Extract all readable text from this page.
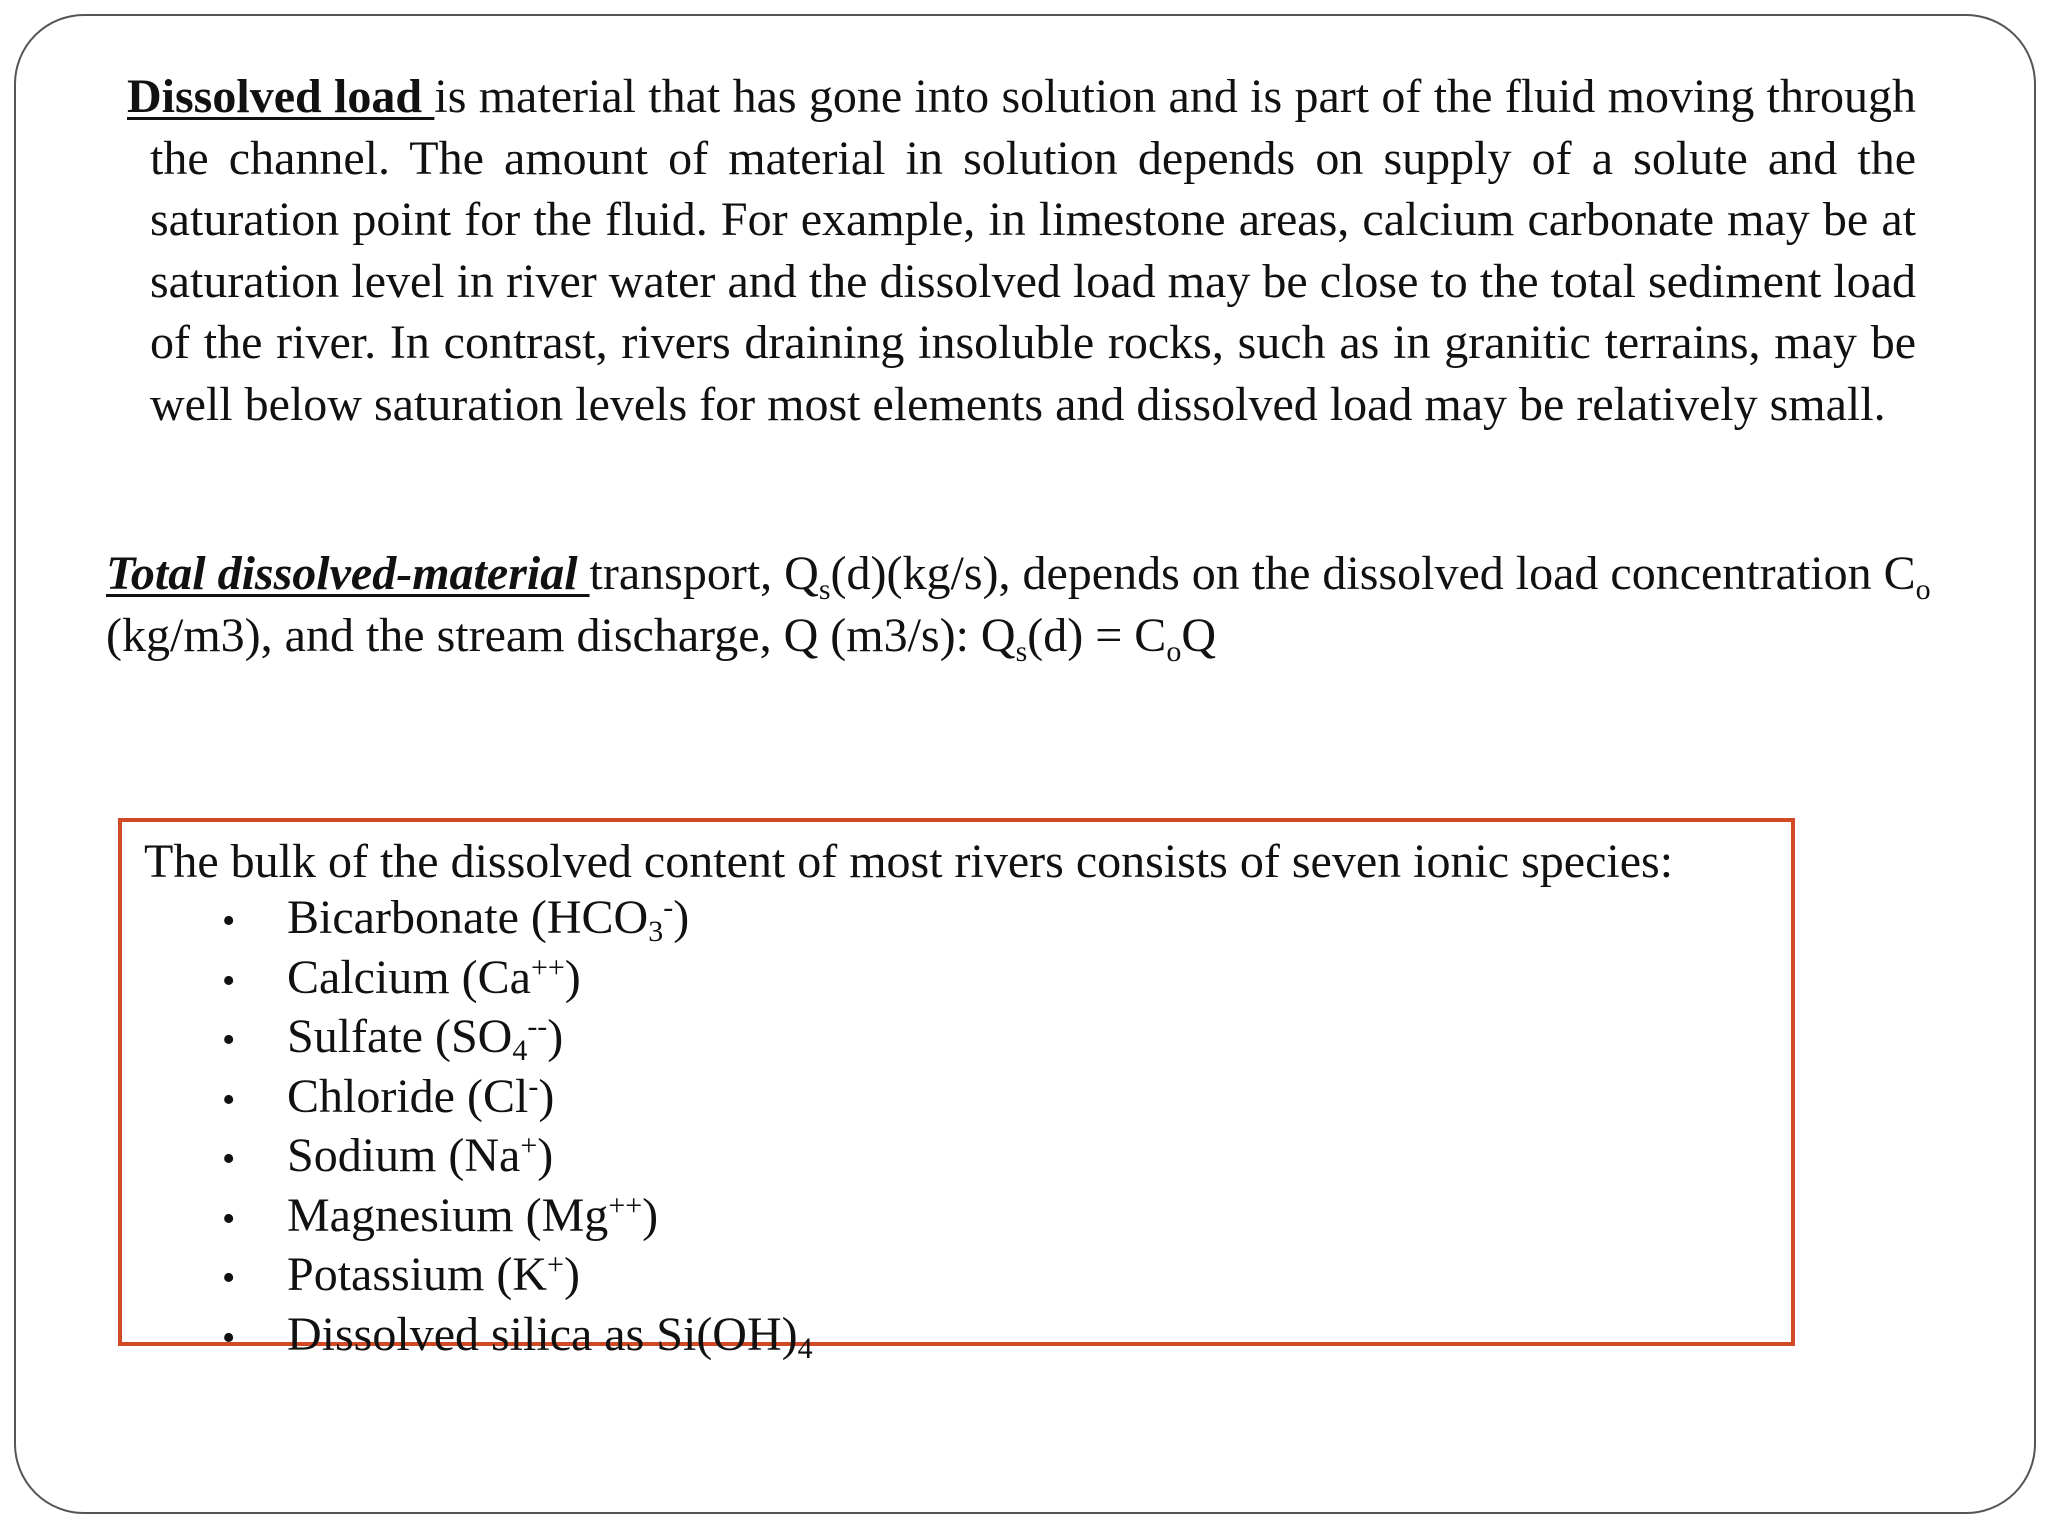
Dissolved load is material that has gone into solution and is part of the fluid moving through the channel. The amount of material in solution depends on supply of a solute and the saturation point for the fluid. For example, in limestone areas, calcium carbonate may be at saturation level in river water and the dissolved load may be close to the total sediment load of the river. In contrast, rivers draining insoluble rocks, such as in granitic terrains, may be well below saturation levels for most elements and dissolved load may be relatively small.

Total dissolved-material transport, $Q_s(d)(kg/s)$, depends on the dissolved load concentration $C_o$ (kg/m3), and the stream discharge, Q (m3/s): $Q_s(d) = C_oQ$

The bulk of the dissolved content of most rivers consists of seven ionic species:
•	Bicarbonate $(HCO_3^-)$
•	Calcium (Ca++)
•	Sulfate $(SO_4^{--})$
•	Chloride (Cl-)
•	Sodium (Na+)
•	Magnesium (Mg++)
•	Potassium (K+)
•	Dissolved silica as $Si(OH)_4$
